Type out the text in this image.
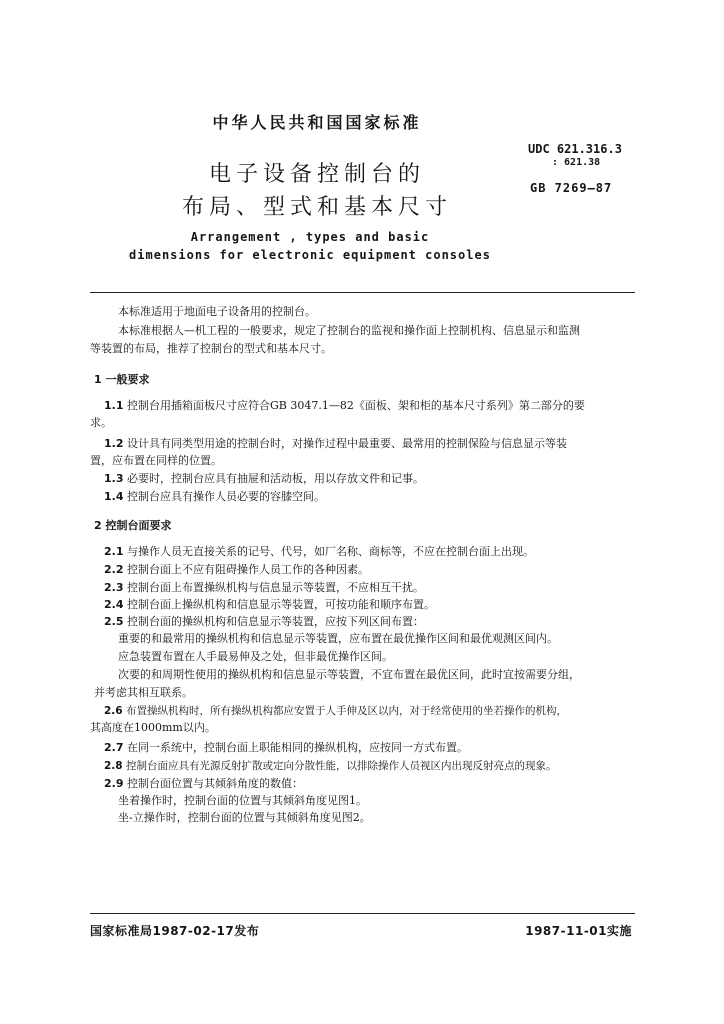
中华人民共和国国家标准
电子设备控制台的
布局、型式和基本尺寸
Arrangement , types and basic
dimensions for electronic equipment consoles
UDC 621.316.3
: 621.38
GB 7269—87
本标准适用于地面电子设备用的控制台。
本标准根据人—机工程的一般要求，规定了控制台的监视和操作面上控制机构、信息显示和监测
等装置的布局，推荐了控制台的型式和基本尺寸。
1 一般要求
1.1 控制台用插箱面板尺寸应符合GB 3047.1—82《面板、架和柜的基本尺寸系列》第二部分的要
求。
1.2 设计具有同类型用途的控制台时，对操作过程中最重要、最常用的控制保险与信息显示等装
置，应布置在同样的位置。
1.3 必要时，控制台应具有抽屉和活动板，用以存放文件和记事。
1.4 控制台应具有操作人员必要的容膝空间。
2 控制台面要求
2.1 与操作人员无直接关系的记号、代号，如厂名称、商标等，不应在控制台面上出现。
2.2 控制台面上不应有阻碍操作人员工作的各种因素。
2.3 控制台面上布置操纵机构与信息显示等装置，不应相互干扰。
2.4 控制台面上操纵机构和信息显示等装置，可按功能和顺序布置。
2.5 控制台面的操纵机构和信息显示等装置，应按下列区间布置：
重要的和最常用的操纵机构和信息显示等装置，应布置在最优操作区间和最优观测区间内。
应急装置布置在人手最易伸及之处，但非最优操作区间。
次要的和周期性使用的操纵机构和信息显示等装置，不宜布置在最优区间，此时宜按需要分组，
并考虑其相互联系。
2.6 布置操纵机构时，所有操纵机构都应安置于人手伸及区以内，对于经常使用的坐若操作的机构，
其高度在1000mm以内。
2.7 在同一系统中，控制台面上职能相同的操纵机构，应按同一方式布置。
2.8 控制台面应具有光源反射扩散或定向分散性能，以排除操作人员视区内出现反射亮点的现象。
2.9 控制台面位置与其倾斜角度的数值：
坐着操作时，控制台面的位置与其倾斜角度见图1。
坐-立操作时，控制台面的位置与其倾斜角度见图2。
国家标准局1987-02-17发布	1987-11-01实施
